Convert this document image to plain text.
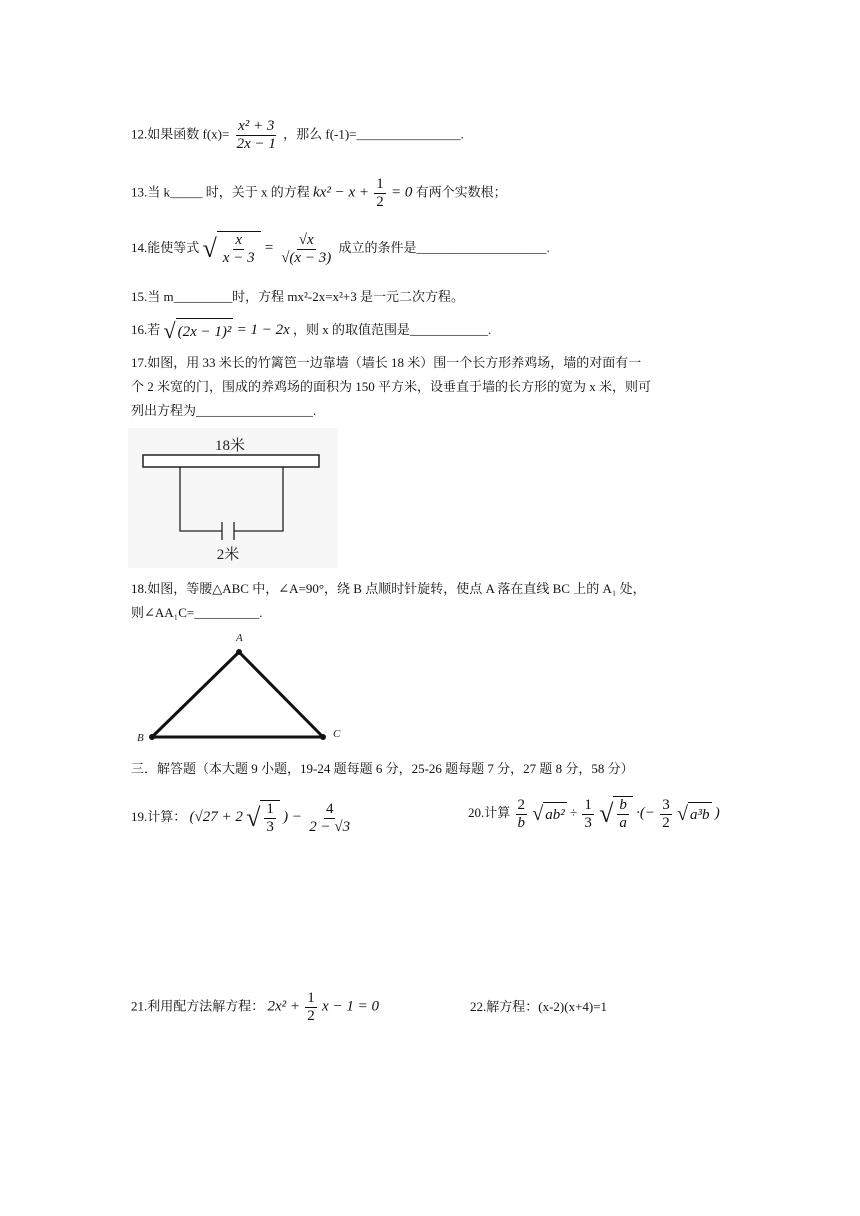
12.如果函数 $f(x)= \frac{\text{x² + 3}}{2x - 1}$ ，那么 f(-1)=________________.
13.当 k_____ 时，关于 x 的方程 $kx^2 - x + \frac{1}{2} = 0$ 有两个实数根；
14.能使等式 √ $\frac{x}{x - 3} = \frac{√x}{√(x - 3)}$ 成立的条件是____________________.
15.当 m_________时，方程 mx²-2x=x²+3 是一元二次方程。
16.若 √ (2x − 1)² = 1 − 2x ，则 x 的取值范围是____________.
17.如图，用 33 米长的竹篱笆一边靠墙（墙长 18 米）围一个长方形养鸡场，墙的对面有一
个 2 米宽的门，围成的养鸡场的面积为 150 平方米，设垂直于墙的长方形的宽为 x 米，则可
列出方程为__________________.
18米
2米
18.如图，等腰△ABC 中，∠A=90°，绕 B 点顺时针旋转，使点 A 落在直线 BC 上的 A₁ 处，
则∠AA₁C=__________.
A
B	C
三．解答题（本大题 9 小题，19-24 题每题 6 分，25-26 题每题 7 分，27 题 8 分，58 分）
19.计算： (√27 + 2 √ $\frac{1}{3}$ ) − $\frac{4}{2 - √3}$	20.计算 $\frac{2}{b}$
√ $ab^2 \div \frac{1}{3}$
√ $\frac{b}{a}$ ·(− $\frac{3}{2}$
√ a³b )
21.利用配方法解方程： $2x^2 + \frac{1}{2}$ x − 1 = 0	22.解方程：(x-2)(x+4)=1
